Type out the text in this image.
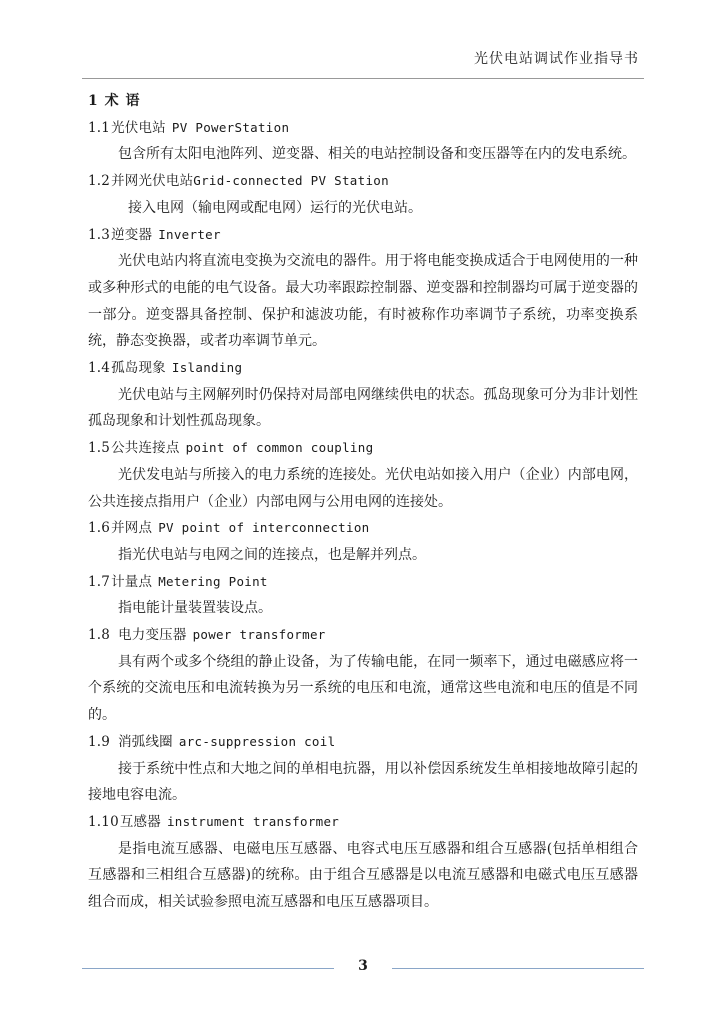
光伏电站调试作业指导书
1 术 语
1.1光伏电站 PV PowerStation

包含所有太阳电池阵列、逆变器、相关的电站控制设备和变压器等在内的发电系统。

1.2并网光伏电站Grid-connected PV Station

接入电网（输电网或配电网）运行的光伏电站。

1.3逆变器 Inverter

光伏电站内将直流电变换为交流电的器件。用于将电能变换成适合于电网使用的一种或多种形式的电能的电气设备。最大功率跟踪控制器、逆变器和控制器均可属于逆变器的一部分。逆变器具备控制、保护和滤波功能，有时被称作功率调节子系统，功率变换系统，静态变换器，或者功率调节单元。

1.4孤岛现象 Islanding

光伏电站与主网解列时仍保持对局部电网继续供电的状态。孤岛现象可分为非计划性孤岛现象和计划性孤岛现象。

1.5公共连接点 point of common coupling

光伏发电站与所接入的电力系统的连接处。光伏电站如接入用户（企业）内部电网，公共连接点指用户（企业）内部电网与公用电网的连接处。

1.6并网点 PV point of interconnection

指光伏电站与电网之间的连接点，也是解并列点。

1.7计量点 Metering Point

指电能计量装置装设点。

1.8 电力变压器 power transformer

具有两个或多个绕组的静止设备，为了传输电能，在同一频率下，通过电磁感应将一个系统的交流电压和电流转换为另一系统的电压和电流，通常这些电流和电压的值是不同的。

1.9 消弧线圈 arc-suppression coil

接于系统中性点和大地之间的单相电抗器，用以补偿因系统发生单相接地故障引起的接地电容电流。

1.10互感器 instrument transformer

是指电流互感器、电磁电压互感器、电容式电压互感器和组合互感器(包括单相组合互感器和三相组合互感器)的统称。由于组合互感器是以电流互感器和电磁式电压互感器组合而成，相关试验参照电流互感器和电压互感器项目。

3
